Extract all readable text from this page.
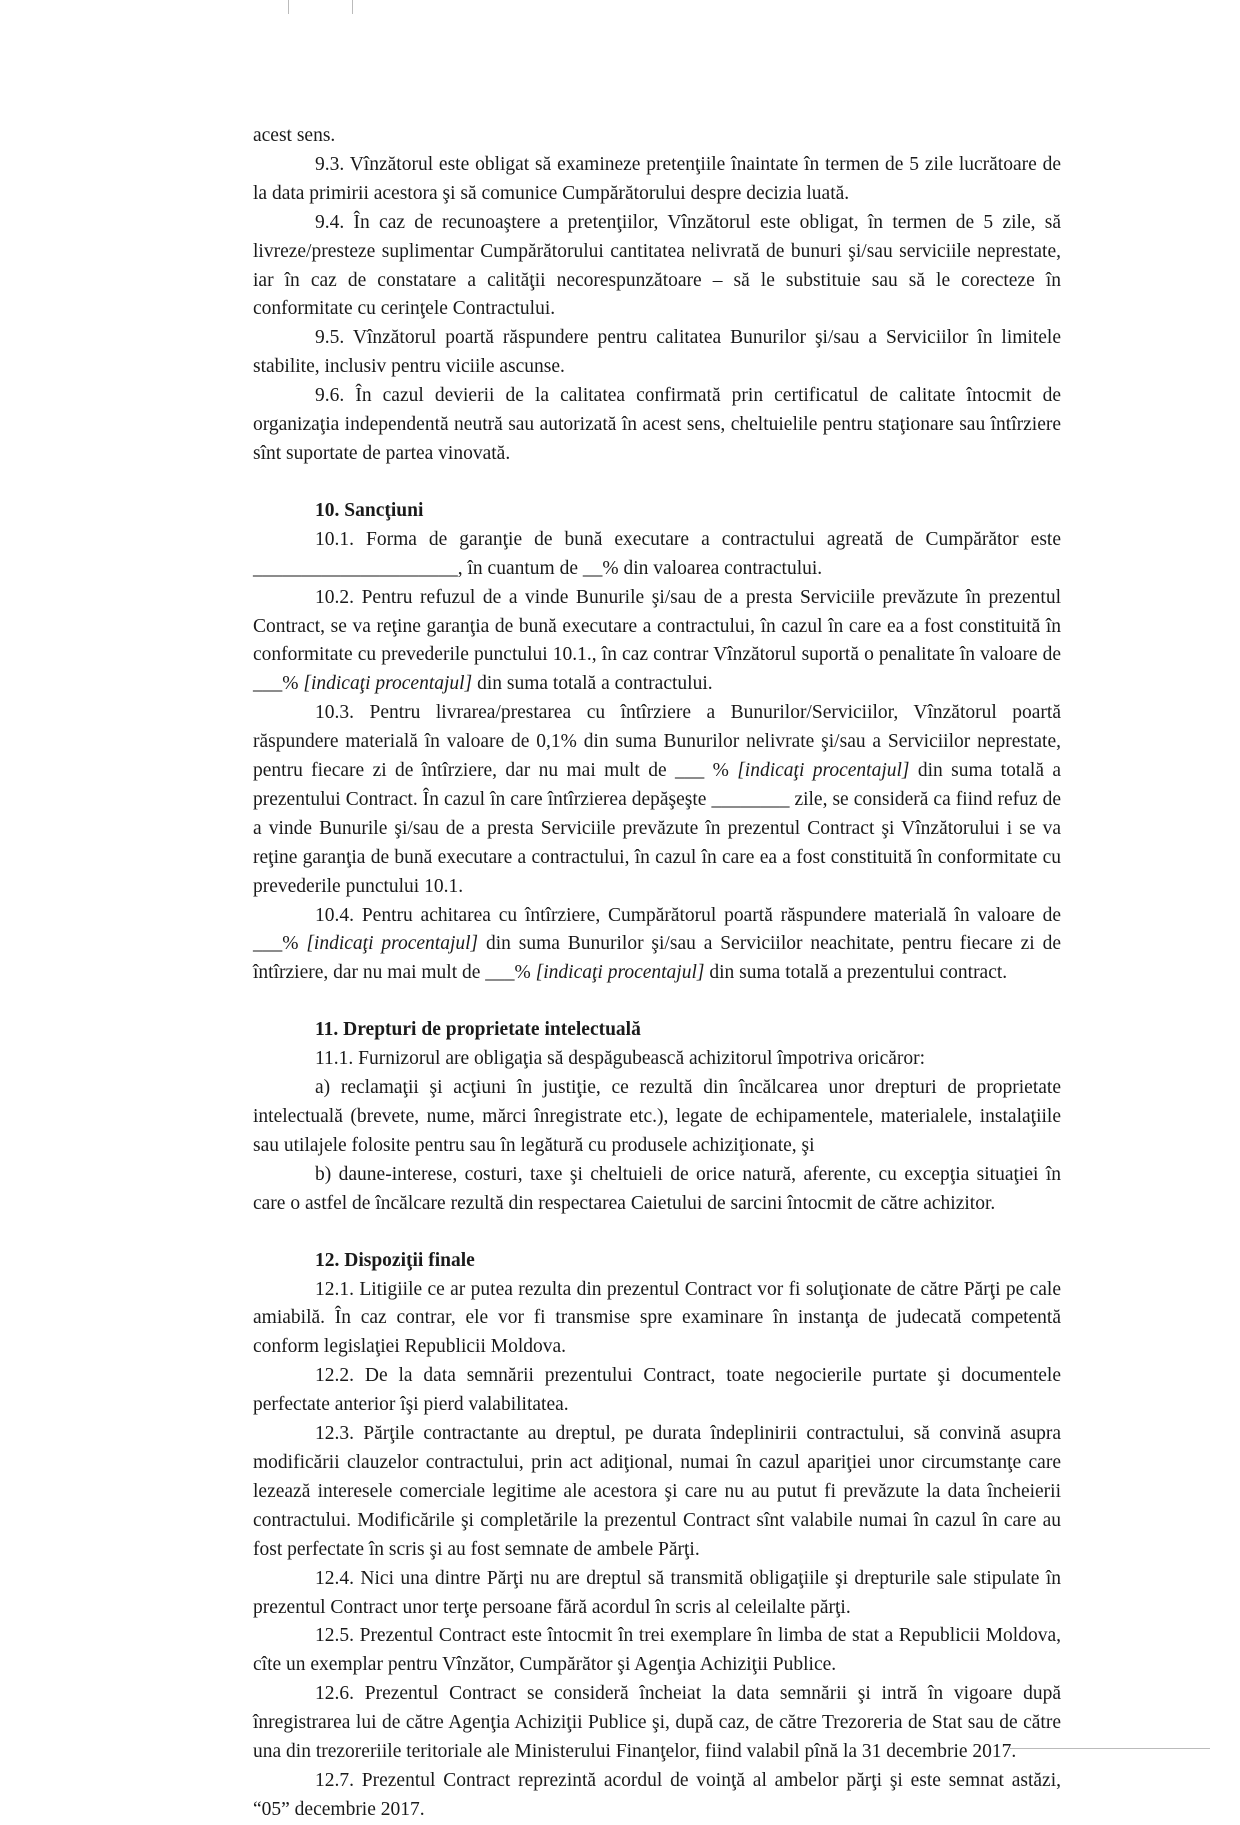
acest sens.

9.3. Vînzătorul este obligat să examineze pretenţiile înaintate în termen de 5 zile lucrătoare de la data primirii acestora şi să comunice Cumpărătorului despre decizia luată.

9.4. În caz de recunoaştere a pretenţiilor, Vînzătorul este obligat, în termen de 5 zile, să livreze/presteze suplimentar Cumpărătorului cantitatea nelivrată de bunuri şi/sau serviciile neprestate, iar în caz de constatare a calităţii necorespunzătoare – să le substituie sau să le corecteze în conformitate cu cerinţele Contractului.

9.5. Vînzătorul poartă răspundere pentru calitatea Bunurilor şi/sau a Serviciilor în limitele stabilite, inclusiv pentru viciile ascunse.

9.6. În cazul devierii de la calitatea confirmată prin certificatul de calitate întocmit de organizaţia independentă neutră sau autorizată în acest sens, cheltuielile pentru staţionare sau întîrziere sînt suportate de partea vinovată.

10. Sancţiuni

10.1. Forma de garanţie de bună executare a contractului agreată de Cumpărător este _____________________, în cuantum de __% din valoarea contractului.

10.2. Pentru refuzul de a vinde Bunurile şi/sau de a presta Serviciile prevăzute în prezentul Contract, se va reţine garanţia de bună executare a contractului, în cazul în care ea a fost constituită în conformitate cu prevederile punctului 10.1., în caz contrar Vînzătorul suportă o penalitate în valoare de ___% [indicaţi procentajul] din suma totală a contractului.

10.3. Pentru livrarea/prestarea cu întîrziere a Bunurilor/Serviciilor, Vînzătorul poartă răspundere materială în valoare de 0,1% din suma Bunurilor nelivrate şi/sau a Serviciilor neprestate, pentru fiecare zi de întîrziere, dar nu mai mult de ___ % [indicaţi procentajul] din suma totală a prezentului Contract. În cazul în care întîrzierea depăşeşte ________ zile, se consideră ca fiind refuz de a vinde Bunurile şi/sau de a presta Serviciile prevăzute în prezentul Contract şi Vînzătorului i se va reţine garanţia de bună executare a contractului, în cazul în care ea a fost constituită în conformitate cu prevederile punctului 10.1.

10.4. Pentru achitarea cu întîrziere, Cumpărătorul poartă răspundere materială în valoare de ___% [indicaţi procentajul] din suma Bunurilor şi/sau a Serviciilor neachitate, pentru fiecare zi de întîrziere, dar nu mai mult de ___% [indicaţi procentajul] din suma totală a prezentului contract.

11. Drepturi de proprietate intelectuală

11.1. Furnizorul are obligaţia să despăgubească achizitorul împotriva oricăror:

a) reclamaţii şi acţiuni în justiţie, ce rezultă din încălcarea unor drepturi de proprietate intelectuală (brevete, nume, mărci înregistrate etc.), legate de echipamentele, materialele, instalaţiile sau utilajele folosite pentru sau în legătură cu produsele achiziţionate, şi

b) daune-interese, costuri, taxe şi cheltuieli de orice natură, aferente, cu excepţia situaţiei în care o astfel de încălcare rezultă din respectarea Caietului de sarcini întocmit de către achizitor.

12. Dispoziţii finale

12.1. Litigiile ce ar putea rezulta din prezentul Contract vor fi soluţionate de către Părţi pe cale amiabilă. În caz contrar, ele vor fi transmise spre examinare în instanţa de judecată competentă conform legislaţiei Republicii Moldova.

12.2. De la data semnării prezentului Contract, toate negocierile purtate şi documentele perfectate anterior îşi pierd valabilitatea.

12.3. Părţile contractante au dreptul, pe durata îndeplinirii contractului, să convină asupra modificării clauzelor contractului, prin act adiţional, numai în cazul apariţiei unor circumstanţe care lezează interesele comerciale legitime ale acestora şi care nu au putut fi prevăzute la data încheierii contractului. Modificările şi completările la prezentul Contract sînt valabile numai în cazul în care au fost perfectate în scris şi au fost semnate de ambele Părţi.

12.4. Nici una dintre Părţi nu are dreptul să transmită obligaţiile şi drepturile sale stipulate în prezentul Contract unor terţe persoane fără acordul în scris al celeilalte părţi.

12.5. Prezentul Contract este întocmit în trei exemplare în limba de stat a Republicii Moldova, cîte un exemplar pentru Vînzător, Cumpărător şi Agenţia Achiziţii Publice.

12.6. Prezentul Contract se consideră încheiat la data semnării şi intră în vigoare după înregistrarea lui de către Agenţia Achiziţii Publice şi, după caz, de către Trezoreria de Stat sau de către una din trezoreriile teritoriale ale Ministerului Finanţelor, fiind valabil pînă la 31 decembrie 2017.

12.7. Prezentul Contract reprezintă acordul de voinţă al ambelor părţi şi este semnat astăzi, “05” decembrie 2017.
